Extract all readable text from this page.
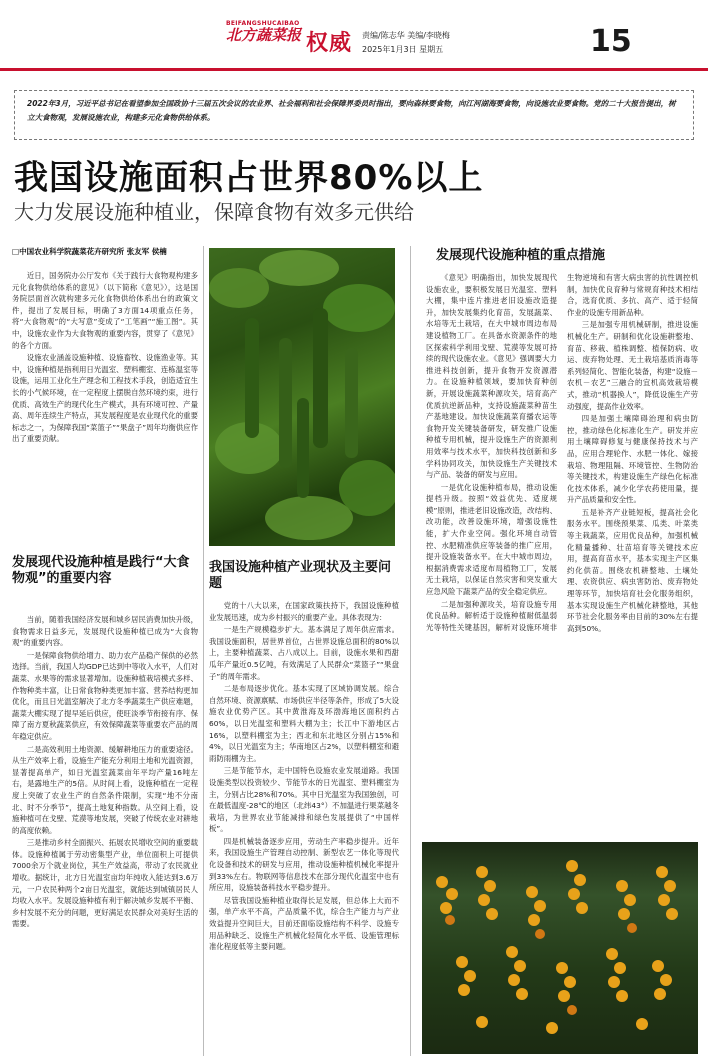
BEIFANGSHUCAIBAO
北方蔬菜报 权威 责编/陈志华 美编/李晓梅
2025年1月3日 星期五	15
2022年3月，习近平总书记在看望参加全国政协十三届五次会议的农业界、社会福利和社会保障界委员时指出，要向森林要食物，向江河湖海要食物，向设施农业要食物。党的二十大报告提出，树立大食物观，发展设施农业，构建多元化食物供给体系。
我国设施面积占世界80%以上
大力发展设施种植业，保障食物有效多元供给
□中国农业科学院蔬菜花卉研究所 张友军 侯楠

近日，国务院办公厅发布《关于践行大食物观构建多元化食物供给体系的意见》（以下简称《意见》），这是国务院层面首次就构建多元化食物供给体系出台的政策文件，提出了发展目标，明确了3方面14项重点任务，将“大食物观”的“大写意”变成了“工笔画”“施工图”。其中，设施农业作为大食物观的重要内容，贯穿了《意见》的各个方面。

设施农业涵盖设施种植、设施畜牧、设施渔业等。其中，设施种植是指利用日光温室、塑料棚室、连栋温室等设施，运用工业化生产理念和工程技术手段，创造适宜生长的小气候环境，在一定程度上摆脱自然环境约束，进行优质、高效生产的现代化生产模式，具有环境可控、产量高、周年连续生产特点，其发展程度是农业现代化的重要标志之一，为保障我国“菜篮子”“果盘子”周年均衡供应作出了重要贡献。

发展现代设施种植是践行“大食物观”的重要内容

当前，随着我国经济发展和城乡居民消费加快升级，食物需求日益多元，发展现代设施种植已成为“大食物观”的重要内容。

一是保障食物供给增力、助力农产品稳产保供的必然选择。当前，我国人均GDP已达到中等收入水平，人们对蔬菜、水果等的需求显著增加。设施种植栽培模式多样、作物种类丰富，让日常食物种类更加丰富、营养结构更加优化，而且日光温室解决了北方冬季蔬菜生产供应难题，蔬菜大棚实现了提早延后供应，使旺淡季节衔接有序、保障了南方夏秋蔬菜供应，有效保障蔬菜等重要农产品的周年稳定供应。

二是高效利用土地资源、缓解耕地压力的重要途径。从生产效率上看，设施生产能充分利用土地和光温资源，显著提高单产，如日光温室蔬菜亩年平均产量16吨左右，是露地生产的5倍。从时间上看，设施种植在一定程度上突破了农业生产的自然条件限制，实现“地不分南北、时不分季节”，提高土地复种指数。从空间上看，设施种植可在戈壁、荒漠等地发展，突破了传统农业对耕地的高度依赖。

三是推动乡村全面振兴、拓展农民增收空间的重要载体。设施种植属于劳动密集型产业，单位面积上可提供7000余万个就业岗位，其生产效益高，带动了农民就业增收。据统计，北方日光温室亩均年纯收入能达到3.6万元，一户农民种两个2亩日光温室，就能达到城镇居民人均收入水平。发展设施种植有利于解决城乡发展不平衡、乡村发展不充分的问题，更好满足农民群众对美好生活的需要。

我国设施种植产业现状及主要问题

党的十八大以来，在国家政策扶持下，我国设施种植业发展迅速，成为乡村振兴的重要产业。具体表现为：

一是生产规模稳步扩大。基本满足了周年供应需求。我国设施面积，居世界首位，占世界设施总面积的80%以上，主要种植蔬菜、占八成以上。目前，设施水果和西甜瓜年产量近0.5亿吨，有效满足了人民群众“菜篮子”“果盘子”的周年需求。

二是布局逐步优化。基本实现了区域协调发展。综合自然环境、资源禀赋、市场供应半径等条件，形成了5大设施农业优势产区。其中黄淮海及环渤海地区面积约占60%，以日光温室和塑料大棚为主；长江中下游地区占16%，以塑料棚室为主；西北和东北地区分别占15%和4%，以日光温室为主；华南地区占2%，以塑料棚室和避雨防雨棚为主。

三是节能节水，走中国特色设施农业发展道路。我国设施类型以投资较少、节能节水的日光温室、塑料棚室为主，分别占比28%和70%。其中日光温室为我国独创，可在最低温度-28℃的地区（北纬43°）不加温进行果菜越冬栽培，为世界农业节能减排和绿色发展提供了“中国样板”。

四是机械装备逐步应用，劳动生产率稳步提升。近年来，我国设施生产管理自动控制、新型农艺一体化等现代化设备和技术的研发与应用，推动设施种植机械化率提升到33%左右。物联网等信息技术在部分现代化温室中也有所应用，设施装备科技水平稳步提升。

尽管我国设施种植业取得长足发展，但总体上大而不强，单产水平不高，产品质量不优，综合生产能力与产业效益提升空间巨大，目前还面临设施结构不科学、设施专用品种缺乏、设施生产机械化轻简化水平低、设施管理标准化程度低等主要问题。

发展现代设施种植的重点措施

《意见》明确指出，加快发展现代设施农业，要积极发展日光温室、塑料大棚，集中连片推进老旧设施改造提升，加快发展集约化育苗，发展蔬菜、水培等无土栽培，在大中城市周边布局建设植物工厂。在具备水资源条件的地区探索科学利用戈壁、荒漠等发展可持续的现代设施农业。《意见》强调要大力推进科技创新，提升食物开发资源潜力。在设施种植领域，要加快育种创新，开展设施蔬菜种源攻关，培育高产优质抗逆新品种，支持设施蔬菜种苗生产基地建设。加快设施蔬菜育播农运等食物开发关键装备研发，研发推广设施种植专用机械，提升设施生产的资源利用效率与技术水平，加快科技创新和多学科协同攻关，加快设施生产关键技术与产品、装备的研发与应用。

一是优化设施种植布局，推动设施提档升级。按照“效益优先、适度规模”原则，推进老旧设施改造，改结构、改功能，改善设施环境，增强设施性能，扩大作业空间。强化环境自动管控、水肥精准供应等装备的推广应用，提升设施装备水平。在大中城市周边，根据消费需求适度布局植物工厂，发展无土栽培，以保证自然灾害和突发重大应急风险下蔬菜产品的安全稳定供应。

二是加强种源攻关，培育设施专用优良品种。解析适于设施种植耐低温弱光等特性关键基因，解析对设施环境非生物逆境和有害大病虫害的抗性调控机制，加快优良育种与常规育种技术相结合，选育优质、多抗、高产、适于轻简作业的设施专用新品种。

三是加强专用机械研制，推进设施机械化生产。研制和优化设施耕整地、育苗、移栽、植株调整、植保防病、收运、废弃物处理、无土栽培基质消毒等系列轻简化、智能化装备，构建“设施－农机－农艺”三融合的宜机高效栽培模式，推动“机器换人”，降低设施生产劳动强度，提高作业效率。

四是加强土壤障碍治理和病虫防控，推动绿色化标准化生产。研发并应用土壤障碍修复与健康保持技术与产品，应用合理轮作、水肥一体化、嫁接栽培、物理阻隔、环境管控、生物防治等关键技术，构建设施生产绿色化标准化技术体系，减少化学农药使用量，提升产品质量和安全性。

五是补齐产业链短板，提高社会化服务水平。围绕预果菜、瓜类、叶菜类等主栽蔬菜，应用优良品种，加强机械化精量播种、壮苗培育等关键技术应用，提高育苗水平，基本实现主产区集约化供苗。围绕农机耕整地、土壤处理、农资供应、病虫害防治、废弃物处理等环节，加快培育社会化服务组织，基本实现设施生产机械化耕整地，其他环节社会化服务率由目前的30%左右提高到50%。
